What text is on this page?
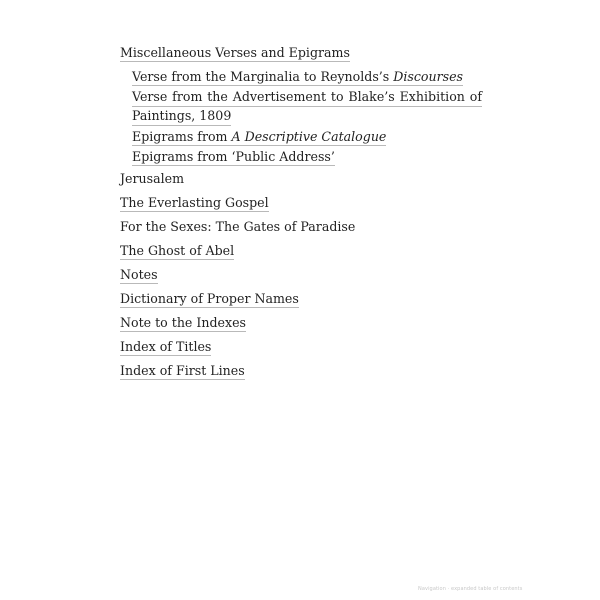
Miscellaneous Verses and Epigrams
Verse from the Marginalia to Reynolds’s Discourses
Verse from the Advertisement to Blake’s Exhibition of
Paintings, 1809
Epigrams from A Descriptive Catalogue
Epigrams from ‘Public Address’
Jerusalem
The Everlasting Gospel
For the Sexes: The Gates of Paradise
The Ghost of Abel
Notes
Dictionary of Proper Names
Note to the Indexes
Index of Titles
Index of First Lines
Navigation · expanded table of contents
